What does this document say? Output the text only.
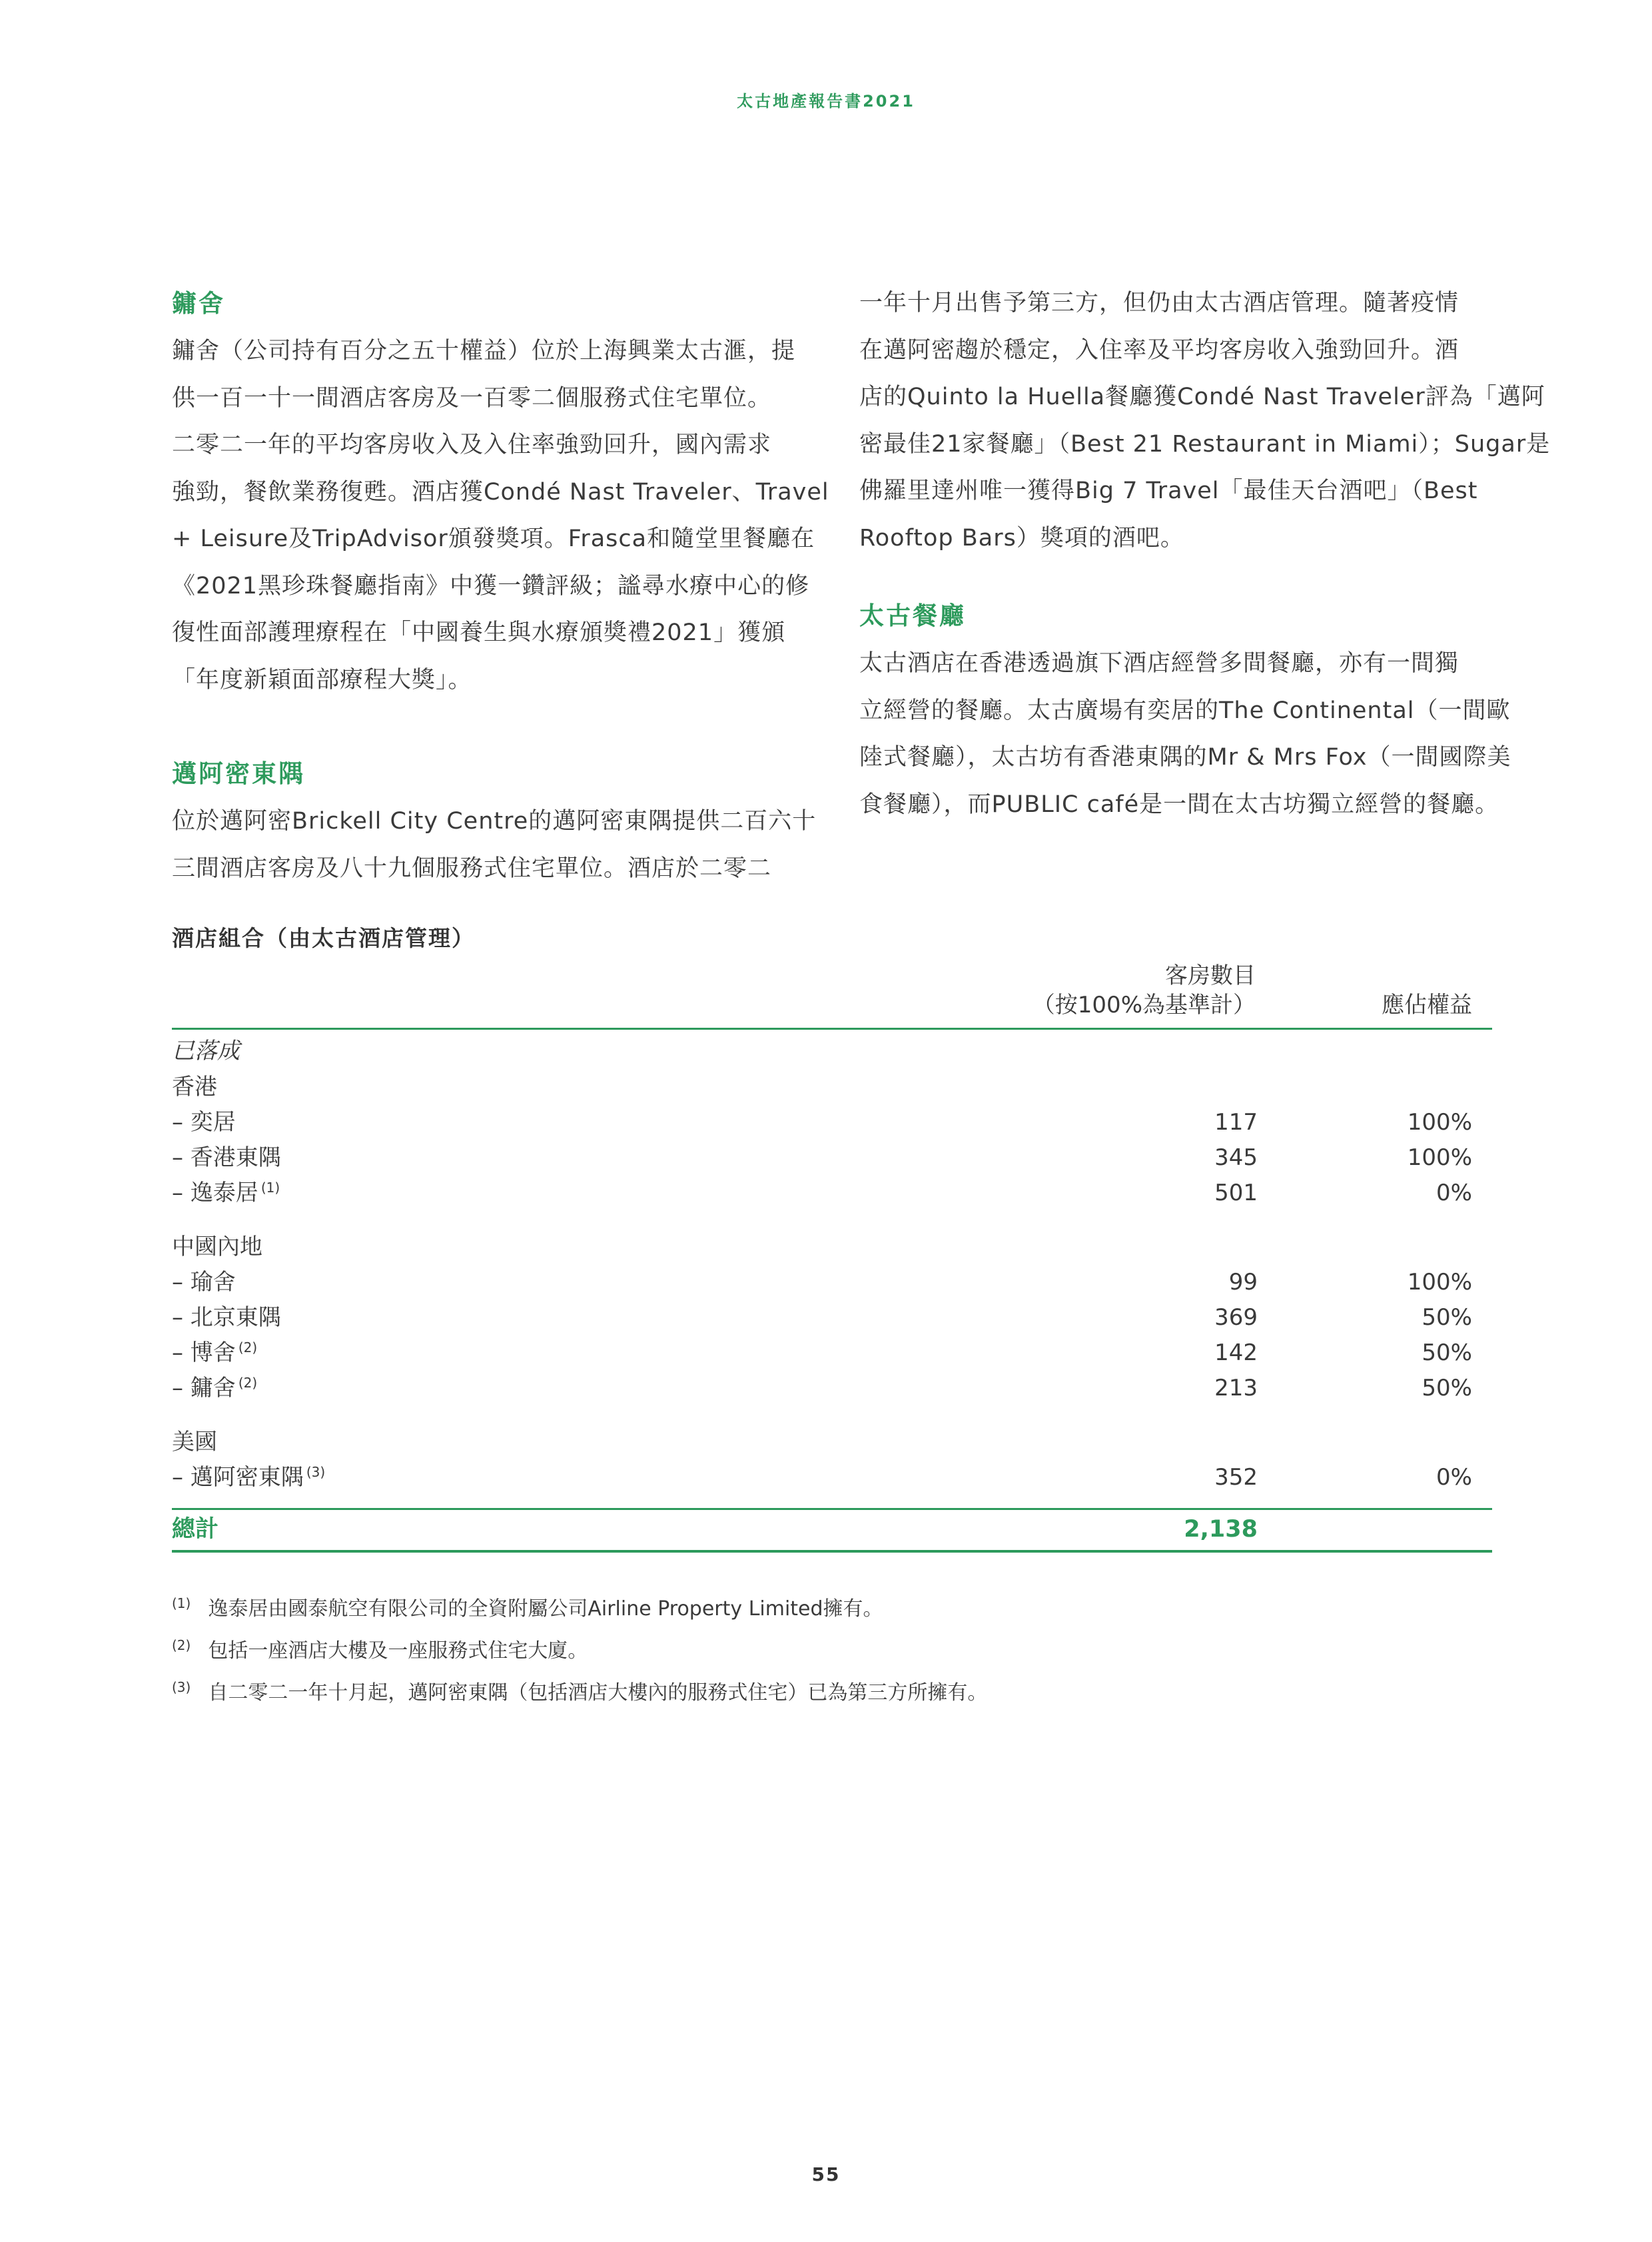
太古地產報告書2021

鏞舍

鏞舍（公司持有百分之五十權益）位於上海興業太古滙，提

供一百一十一間酒店客房及一百零二個服務式住宅單位。

二零二一年的平均客房收入及入住率強勁回升，國內需求

強勁，餐飲業務復甦。酒店獲Condé Nast Traveler、Travel

+ Leisure及TripAdvisor頒發獎項。Frasca和隨堂里餐廳在

《2021黑珍珠餐廳指南》中獲一鑽評級；謐尋水療中心的修

復性面部護理療程在「中國養生與水療頒獎禮2021」獲頒

「年度新穎面部療程大獎」。

邁阿密東隅

位於邁阿密Brickell City Centre的邁阿密東隅提供二百六十

三間酒店客房及八十九個服務式住宅單位。酒店於二零二

一年十月出售予第三方，但仍由太古酒店管理。隨著疫情

在邁阿密趨於穩定，入住率及平均客房收入強勁回升。酒

店的Quinto la Huella餐廳獲Condé Nast Traveler評為「邁阿

密最佳21家餐廳」（Best 21 Restaurant in Miami）；Sugar是

佛羅里達州唯一獲得Big 7 Travel「最佳天台酒吧」（Best

Rooftop Bars）獎項的酒吧。

太古餐廳

太古酒店在香港透過旗下酒店經營多間餐廳，亦有一間獨

立經營的餐廳。太古廣場有奕居的The Continental（一間歐

陸式餐廳），太古坊有香港東隅的Mr & Mrs Fox（一間國際美

食餐廳），而PUBLIC café是一間在太古坊獨立經營的餐廳。

酒店組合（由太古酒店管理）
客房數目
（按100%為基準計）	應佔權益
已落成
香港
– 奕居	117	100%
– 香港東隅	345	100%
– 逸泰居 $^{(1)}$	501	0%
中國內地
– 瑜舍	99	100%
– 北京東隅	369	50%
– 博舍 $^{(2)}$	142	50%
– 鏞舍 $^{(2)}$	213	50%
美國
– 邁阿密東隅 $^{(3)}$	352	0%
總計	2,138
$^{(1)}$ 逸泰居由國泰航空有限公司的全資附屬公司Airline Property Limited擁有。
$^{(2)}$ 包括一座酒店大樓及一座服務式住宅大廈。
$^{(3)}$ 自二零二一年十月起，邁阿密東隅（包括酒店大樓內的服務式住宅）已為第三方所擁有。
55
